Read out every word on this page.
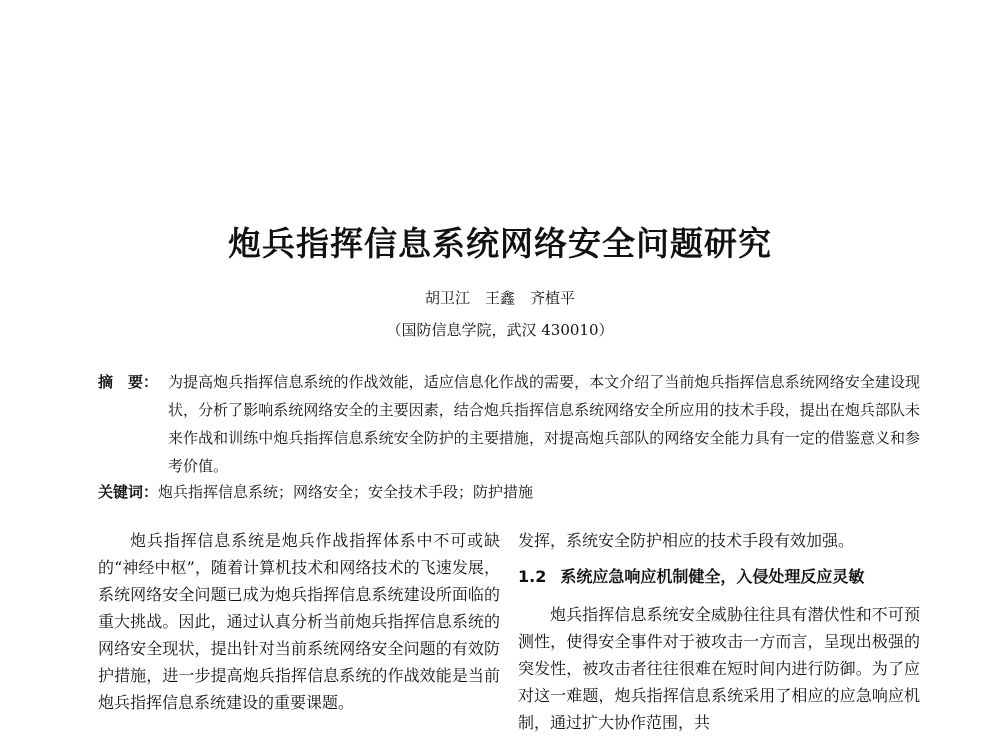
炮兵指挥信息系统网络安全问题研究
胡卫江　王鑫　齐植平
（国防信息学院，武汉 430010）
摘　要： 为提高炮兵指挥信息系统的作战效能，适应信息化作战的需要，本文介绍了当前炮兵指挥信息系统网络安全建设现状，分析了影响系统网络安全的主要因素，结合炮兵指挥信息系统网络安全所应用的技术手段，提出在炮兵部队未来作战和训练中炮兵指挥信息系统安全防护的主要措施，对提高炮兵部队的网络安全能力具有一定的借鉴意义和参考价值。
关键词：炮兵指挥信息系统；网络安全；安全技术手段；防护措施

炮兵指挥信息系统是炮兵作战指挥体系中不可或缺的“神经中枢”，随着计算机技术和网络技术的飞速发展，系统网络安全问题已成为炮兵指挥信息系统建设所面临的重大挑战。因此，通过认真分析当前炮兵指挥信息系统的网络安全现状，提出针对当前系统网络安全问题的有效防护措施，进一步提高炮兵指挥信息系统的作战效能是当前炮兵指挥信息系统建设的重要课题。

发挥，系统安全防护相应的技术手段有效加强。

1.2 系统应急响应机制健全，入侵处理反应灵敏

炮兵指挥信息系统安全威胁往往具有潜伏性和不可预测性，使得安全事件对于被攻击一方而言，呈现出极强的突发性，被攻击者往往很难在短时间内进行防御。为了应对这一难题，炮兵指挥信息系统采用了相应的应急响应机制，通过扩大协作范围，共
